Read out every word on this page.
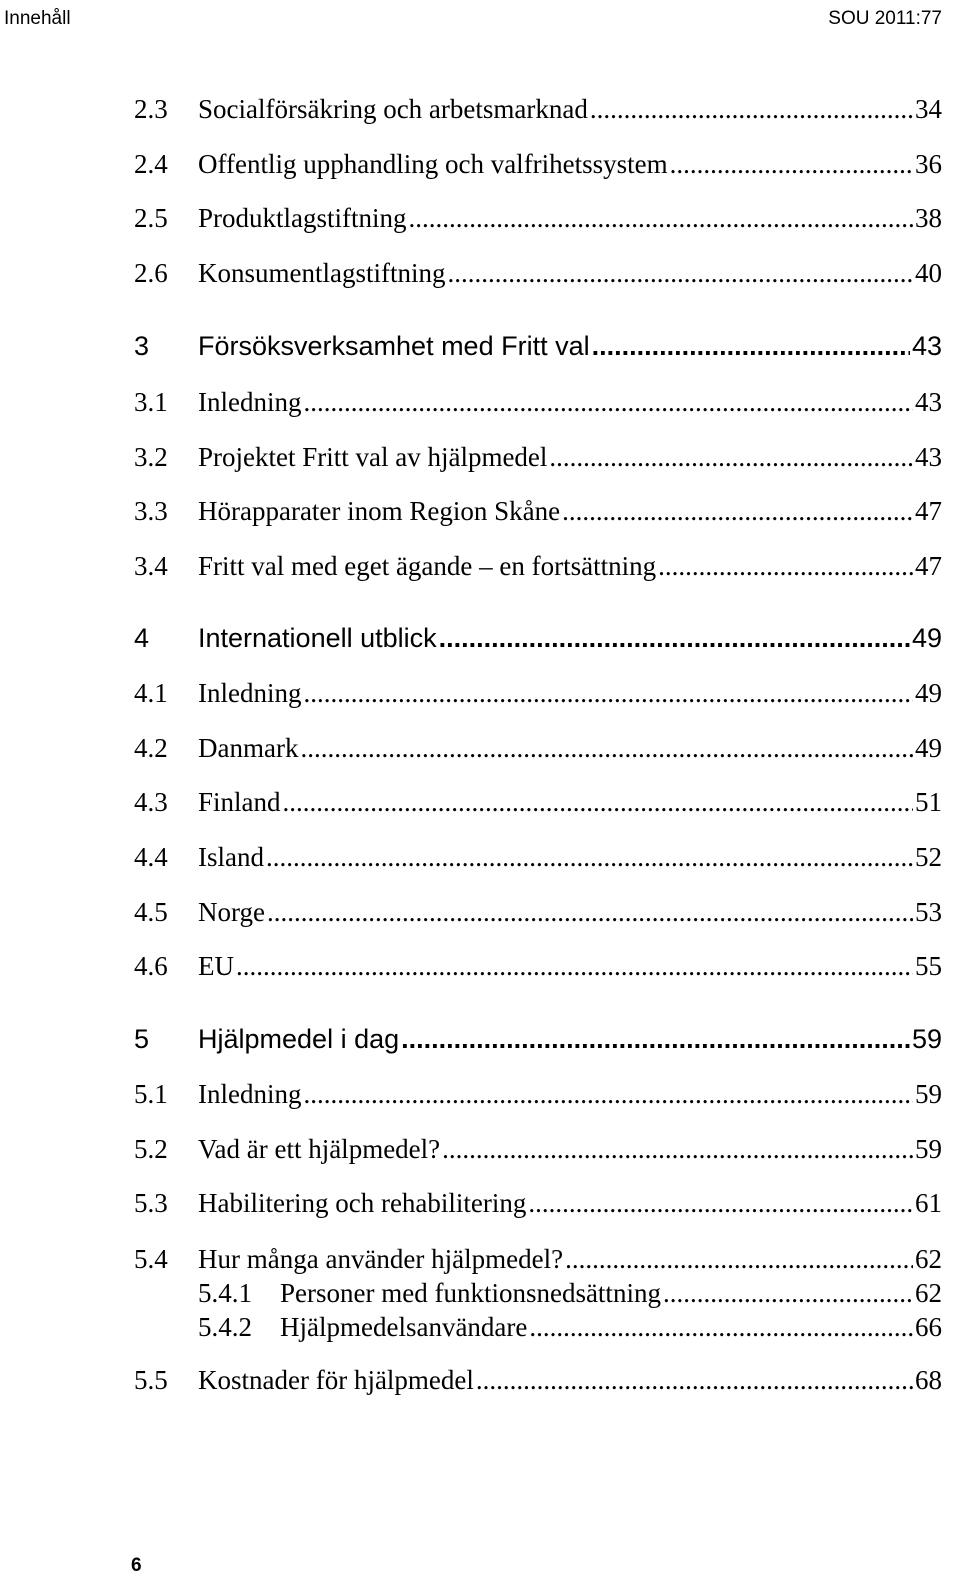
Innehåll	SOU 2011:77
2.3	Socialförsäkring och arbetsmarknad .....	34
2.4	Offentlig upphandling och valfrihetssystem .....	36
2.5	Produktlagstiftning .....	38
2.6	Konsumentlagstiftning .....	40
3	Försöksverksamhet med Fritt val .....	43
3.1	Inledning .....	43
3.2	Projektet Fritt val av hjälpmedel .....	43
3.3	Hörapparater inom Region Skåne .....	47
3.4	Fritt val med eget ägande – en fortsättning .....	47
4	Internationell utblick .....	49
4.1	Inledning .....	49
4.2	Danmark .....	49
4.3	Finland .....	51
4.4	Island .....	52
4.5	Norge .....	53
4.6	EU .....	55
5	Hjälpmedel i dag .....	59
5.1	Inledning .....	59
5.2	Vad är ett hjälpmedel? .....	59
5.3	Habilitering och rehabilitering .....	61
5.4	Hur många använder hjälpmedel? .....	62
5.4.1	Personer med funktionsnedsättning .....	62
5.4.2	Hjälpmedelsanvändare .....	66
5.5	Kostnader för hjälpmedel .....	68
6
